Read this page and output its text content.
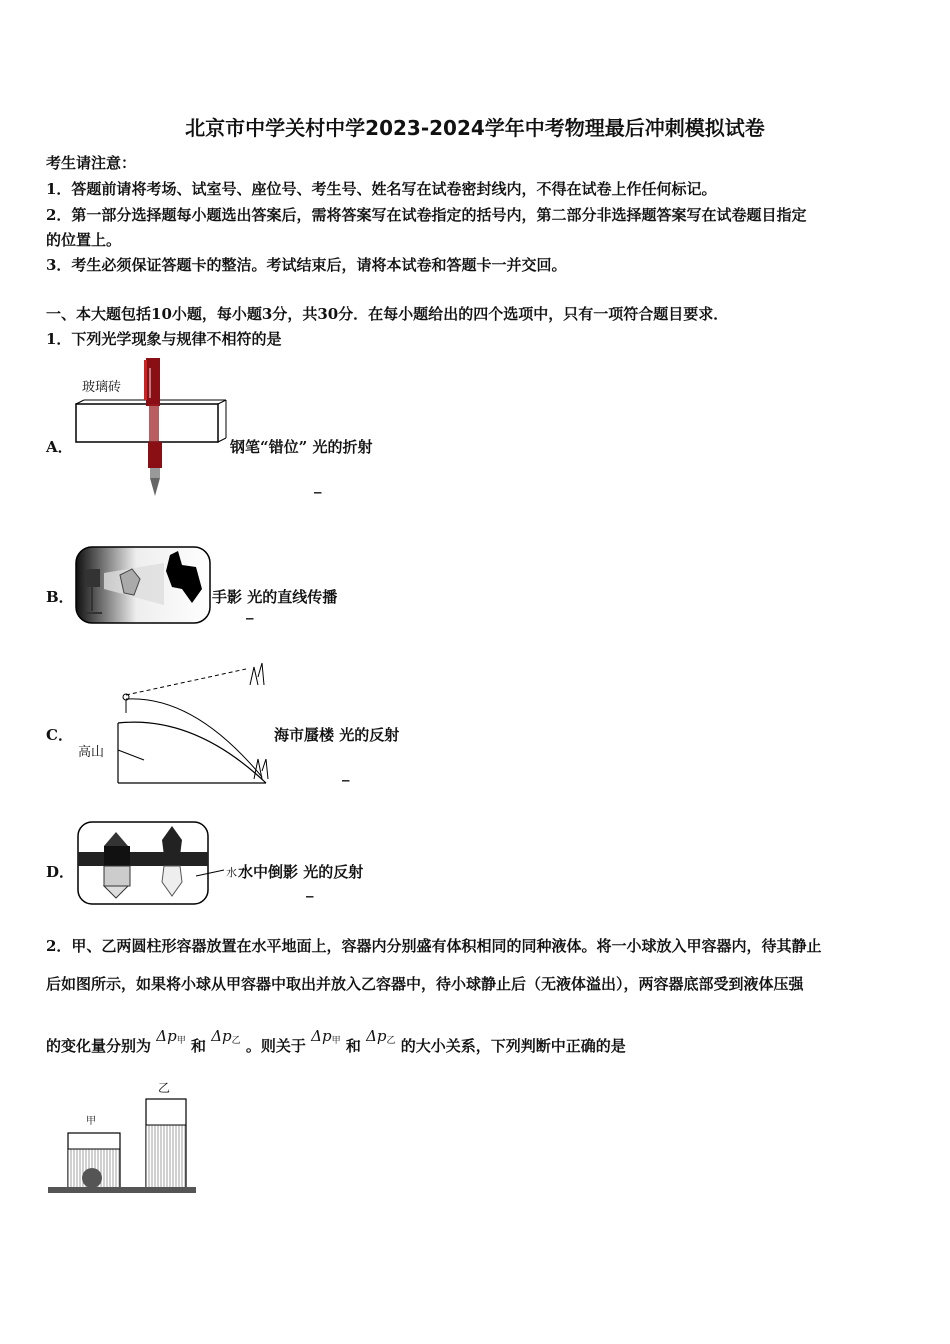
北京市中学关村中学2023-2024学年中考物理最后冲刺模拟试卷
考生请注意：
1．答题前请将考场、试室号、座位号、考生号、姓名写在试卷密封线内，不得在试卷上作任何标记。
2．第一部分选择题每小题选出答案后，需将答案写在试卷指定的括号内，第二部分非选择题答案写在试卷题目指定
的位置上。
3．考生必须保证答题卡的整洁。考试结束后，请将本试卷和答题卡一并交回。
一、本大题包括10小题，每小题3分，共30分．在每小题给出的四个选项中，只有一项符合题目要求．
1．下列光学现象与规律不相符的是
A．
玻璃砖
钢笔“错位” 光的折射
_
B．	手影 光的直线传播
_
C．
高山
海市蜃楼 光的反射
_
D．	水 水中倒影 光的反射
_
2．甲、乙两圆柱形容器放置在水平地面上，容器内分别盛有体积相同的同种液体。将一小球放入甲容器内，待其静止
后如图所示，如果将小球从甲容器中取出并放入乙容器中，待小球静止后（无液体溢出），两容器底部受到液体压强
的变化量分别为 $\Delta p_甲$ 和 $\Delta p_乙$ 。则关于 $\Delta p_甲$ 和 $\Delta p_乙$ 的大小关系，下列判断中正确的是
甲
乙
